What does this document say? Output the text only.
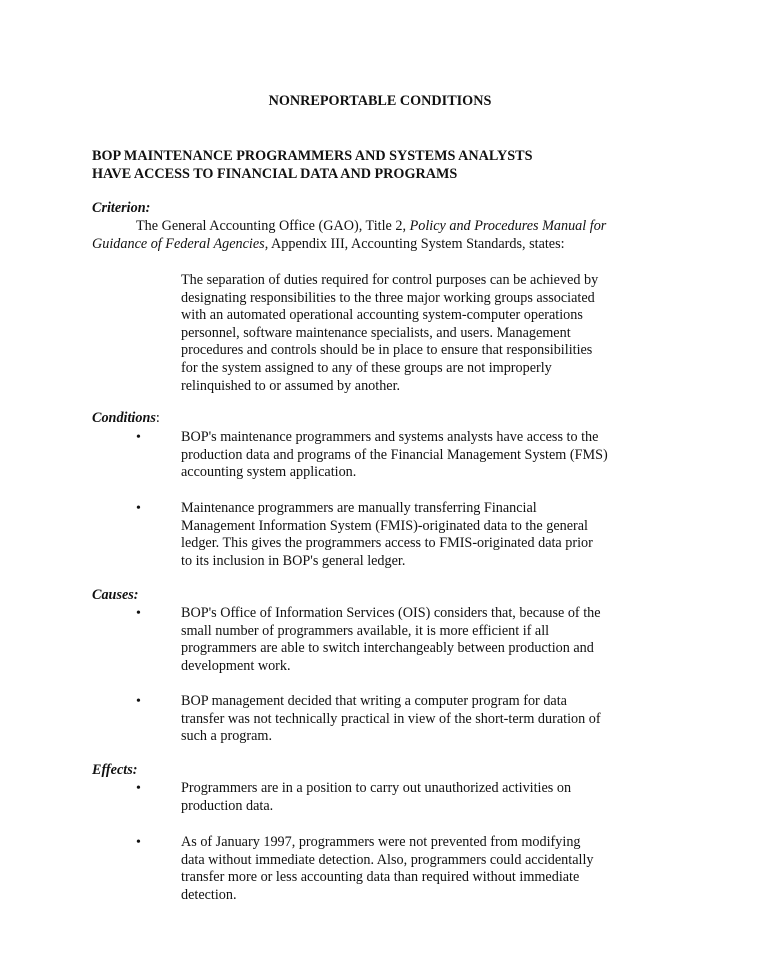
NONREPORTABLE CONDITIONS
BOP MAINTENANCE PROGRAMMERS AND SYSTEMS ANALYSTS
HAVE ACCESS TO FINANCIAL DATA AND PROGRAMS
Criterion:
The General Accounting Office (GAO), Title 2, Policy and Procedures Manual for
Guidance of Federal Agencies, Appendix III, Accounting System Standards, states:
The separation of duties required for control purposes can be achieved by
designating responsibilities to the three major working groups associated
with an automated operational accounting system-computer operations
personnel, software maintenance specialists, and users. Management
procedures and controls should be in place to ensure that responsibilities
for the system assigned to any of these groups are not improperly
relinquished to or assumed by another.
Conditions:
•	BOP's maintenance programmers and systems analysts have access to the
production data and programs of the Financial Management System (FMS)
accounting system application.
•	Maintenance programmers are manually transferring Financial
Management Information System (FMIS)-originated data to the general
ledger. This gives the programmers access to FMIS-originated data prior
to its inclusion in BOP's general ledger.
Causes:
•	BOP's Office of Information Services (OIS) considers that, because of the
small number of programmers available, it is more efficient if all
programmers are able to switch interchangeably between production and
development work.
•	BOP management decided that writing a computer program for data
transfer was not technically practical in view of the short-term duration of
such a program.
Effects:
•	Programmers are in a position to carry out unauthorized activities on
production data.
•	As of January 1997, programmers were not prevented from modifying
data without immediate detection. Also, programmers could accidentally
transfer more or less accounting data than required without immediate
detection.
